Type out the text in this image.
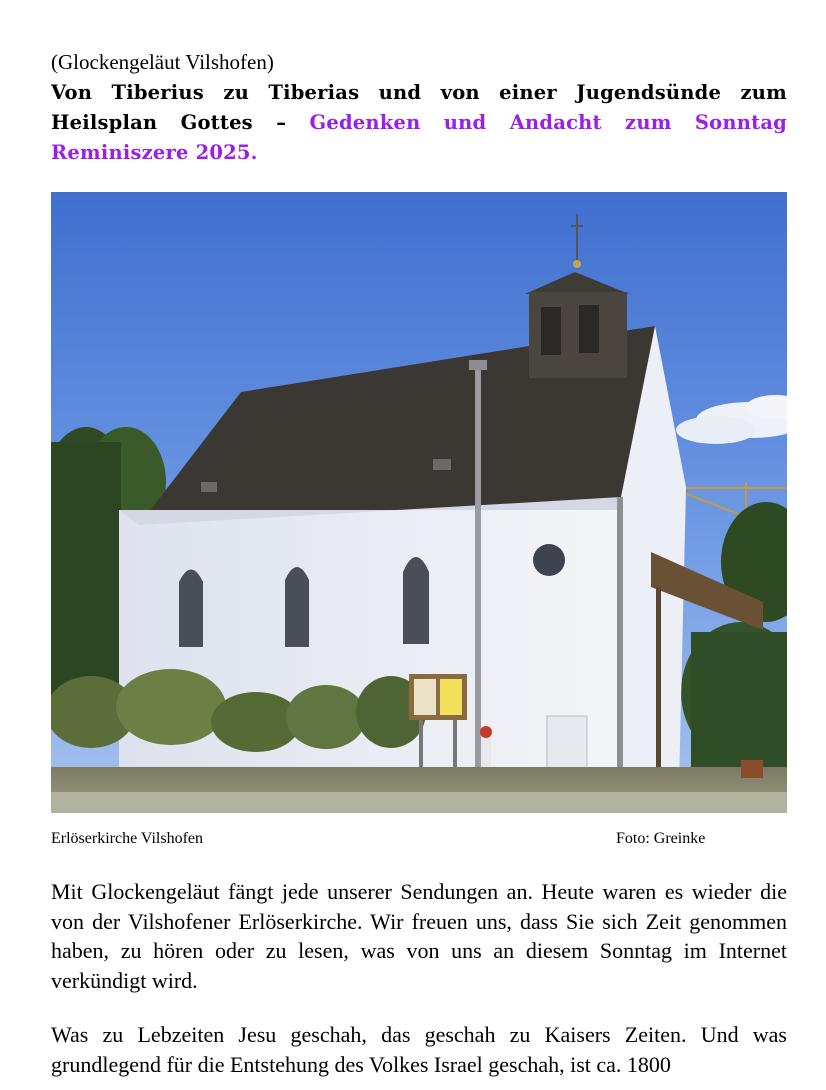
(Glockengeläut Vilshofen)
Von Tiberius zu Tiberias und von einer Jugendsünde zum Heilsplan Gottes – Gedenken und Andacht zum Sonntag Reminiszere 2025.
Erlöserkirche Vilshofen	Foto: Greinke

Mit Glockengeläut fängt jede unserer Sendungen an. Heute waren es wieder die von der Vilshofener Erlöserkirche. Wir freuen uns, dass Sie sich Zeit genommen haben, zu hören oder zu lesen, was von uns an diesem Sonntag im Internet verkündigt wird.

Was zu Lebzeiten Jesu geschah, das geschah zu Kaisers Zeiten. Und was grundlegend für die Entstehung des Volkes Israel geschah, ist ca. 1800
